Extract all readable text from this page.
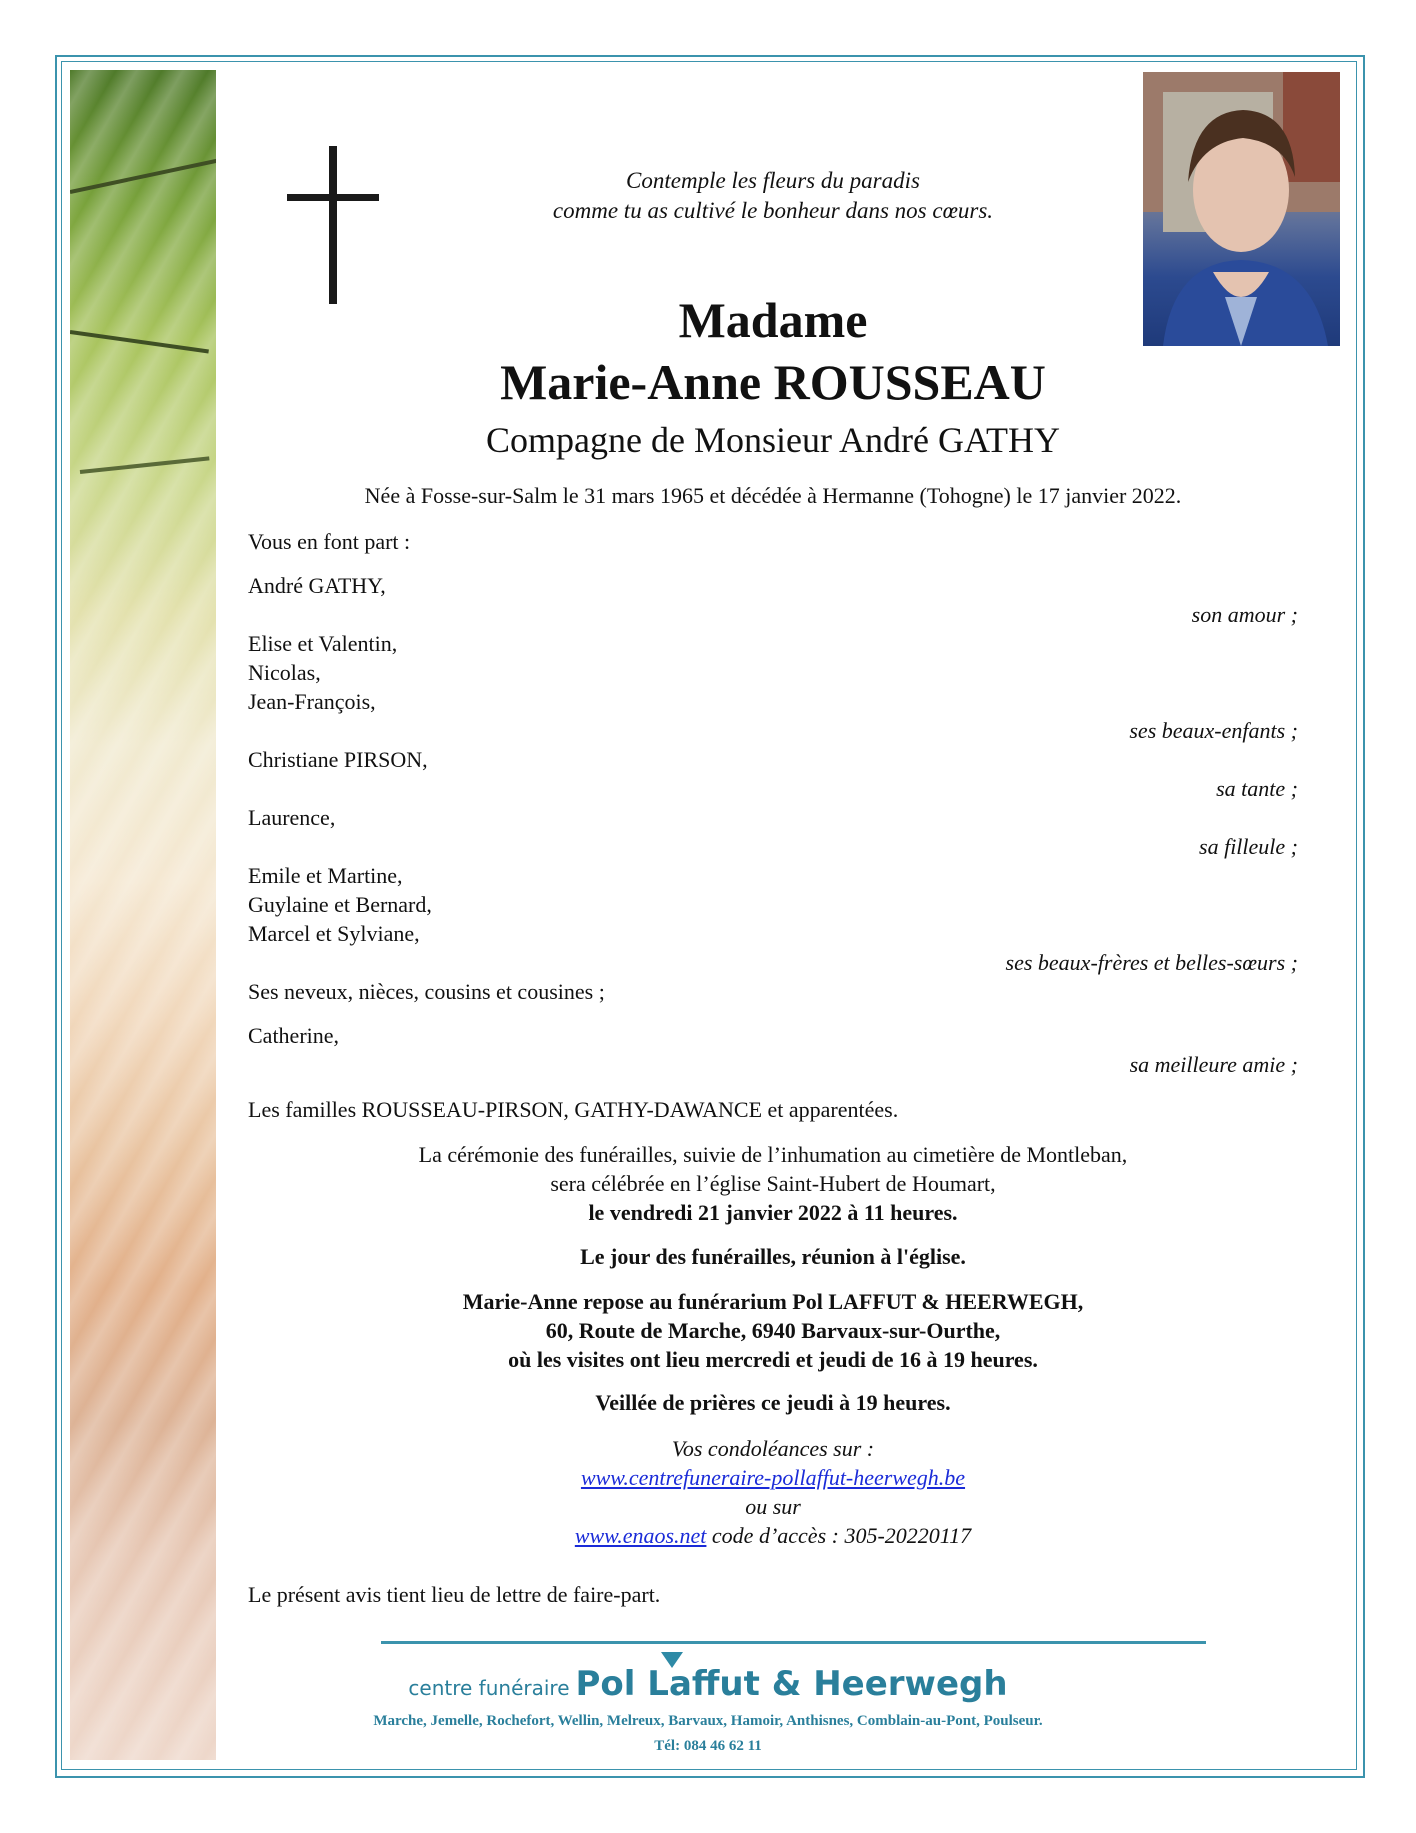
Contemple les fleurs du paradis
comme tu as cultivé le bonheur dans nos cœurs.
Madame
Marie-Anne ROUSSEAU
Compagne de Monsieur André GATHY
Née à Fosse-sur-Salm le 31 mars 1965 et décédée à Hermanne (Tohogne) le 17 janvier 2022.
Vous en font part :
André GATHY,
son amour ;
Elise et Valentin,
Nicolas,
Jean-François,
ses beaux-enfants ;
Christiane PIRSON,
sa tante ;
Laurence,
sa filleule ;
Emile et Martine,
Guylaine et Bernard,
Marcel et Sylviane,
ses beaux-frères et belles-sœurs ;
Ses neveux, nièces, cousins et cousines ;
Catherine,
sa meilleure amie ;
Les familles ROUSSEAU-PIRSON, GATHY-DAWANCE et apparentées.
La cérémonie des funérailles, suivie de l’inhumation au cimetière de Montleban,
sera célébrée en l’église Saint-Hubert de Houmart,
le vendredi 21 janvier 2022 à 11 heures.
Le jour des funérailles, réunion à l'église.
Marie-Anne repose au funérarium Pol LAFFUT & HEERWEGH,
60, Route de Marche, 6940 Barvaux-sur-Ourthe,
où les visites ont lieu mercredi et jeudi de 16 à 19 heures.
Veillée de prières ce jeudi à 19 heures.
Vos condoléances sur :
www.centrefuneraire-pollaffut-heerwegh.be
ou sur
www.enaos.net code d’accès : 305-20220117
Le présent avis tient lieu de lettre de faire-part.
centre funéraire Pol Laffut & Heerwegh
Marche, Jemelle, Rochefort, Wellin, Melreux, Barvaux, Hamoir, Anthisnes, Comblain-au-Pont, Poulseur.
Tél: 084 46 62 11
